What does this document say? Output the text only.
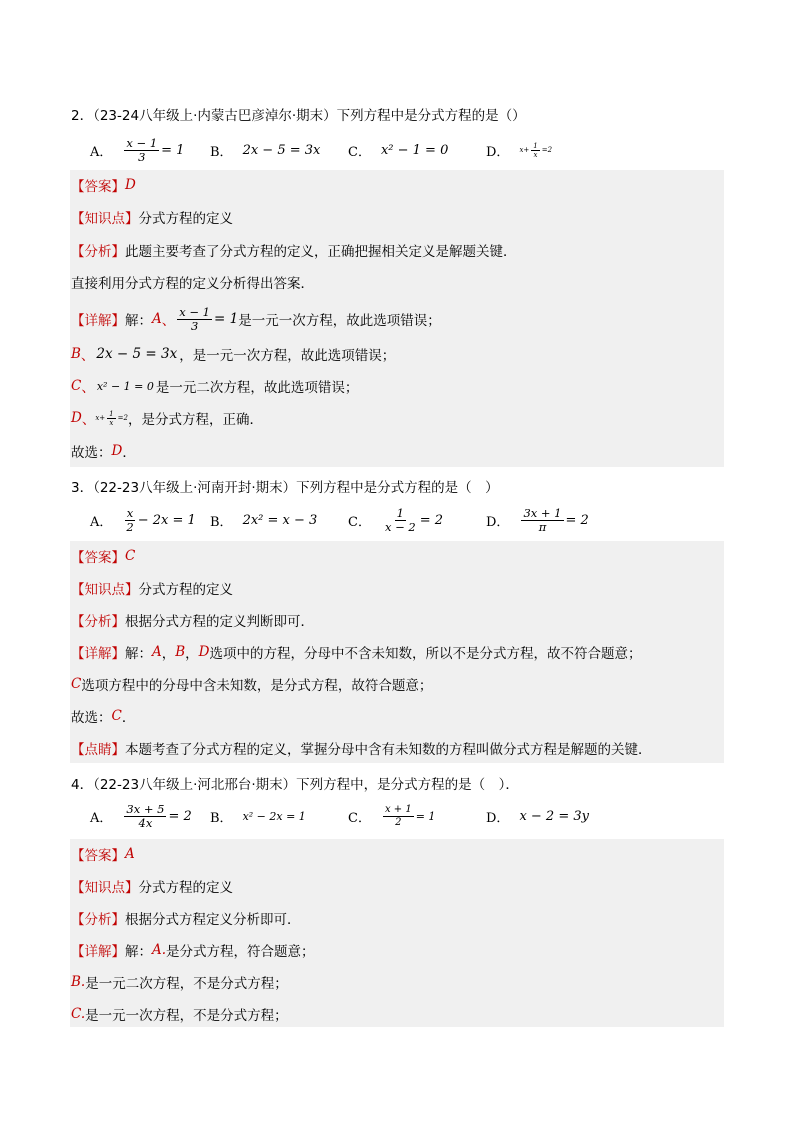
2．（23-24八年级上·内蒙古巴彦淖尔·期末）下列方程中是分式方程的是（）
A． $\frac{x - 1}{3} = 1$ B． 2x − 5 = 3x C． x² − 1 = 0	D． $x+ \frac{1}{x} =2$
【答案】 D
【知识点】 分式方程的定义
【分析】 此题主要考查了分式方程的定义，正确把握相关定义是解题关键．
直接利用分式方程的定义分析得出答案．
【详解】 解： A 、 $\frac{x - 1}{3} = 1$ 是一元一次方程，故此选项错误；
B 、 2x − 5 = 3x ，是一元一次方程，故此选项错误；
C 、 x² − 1 = 0 是一元二次方程，故此选项错误；
D 、 $x+ \frac{1}{x} =2$ ，是分式方程，正确．
故选： D ．
3．（22-23八年级上·河南开封·期末）下列方程中是分式方程的是（　）
A． $\frac{x}{2} - 2x = 1$ B． 2x² = x − 3 C． $\frac{1}{x - 2} = 2$	D． $\frac{3x + 1}{\pi} = 2$
【答案】 C
【知识点】 分式方程的定义
【分析】 根据分式方程的定义判断即可．
【详解】 解： A ， B ， D 选项中的方程，分母中不含未知数，所以不是分式方程，故不符合题意；
C 选项方程中的分母中含未知数，是分式方程，故符合题意；
故选： C ．
【点睛】 本题考查了分式方程的定义，掌握分母中含有未知数的方程叫做分式方程是解题的关键．
4．（22-23八年级上·河北邢台·期末）下列方程中，是分式方程的是（　）．
A． $\frac{3x + 5}{4x} = 2$ B． x² − 2x = 1	C． $\frac{x + 1}{2} = 1$	D． x − 2 = 3y
【答案】 A
【知识点】 分式方程的定义
【分析】 根据分式方程定义分析即可．
【详解】 解： A. 是分式方程，符合题意；
B. 是一元二次方程，不是分式方程；
C. 是一元一次方程，不是分式方程；
